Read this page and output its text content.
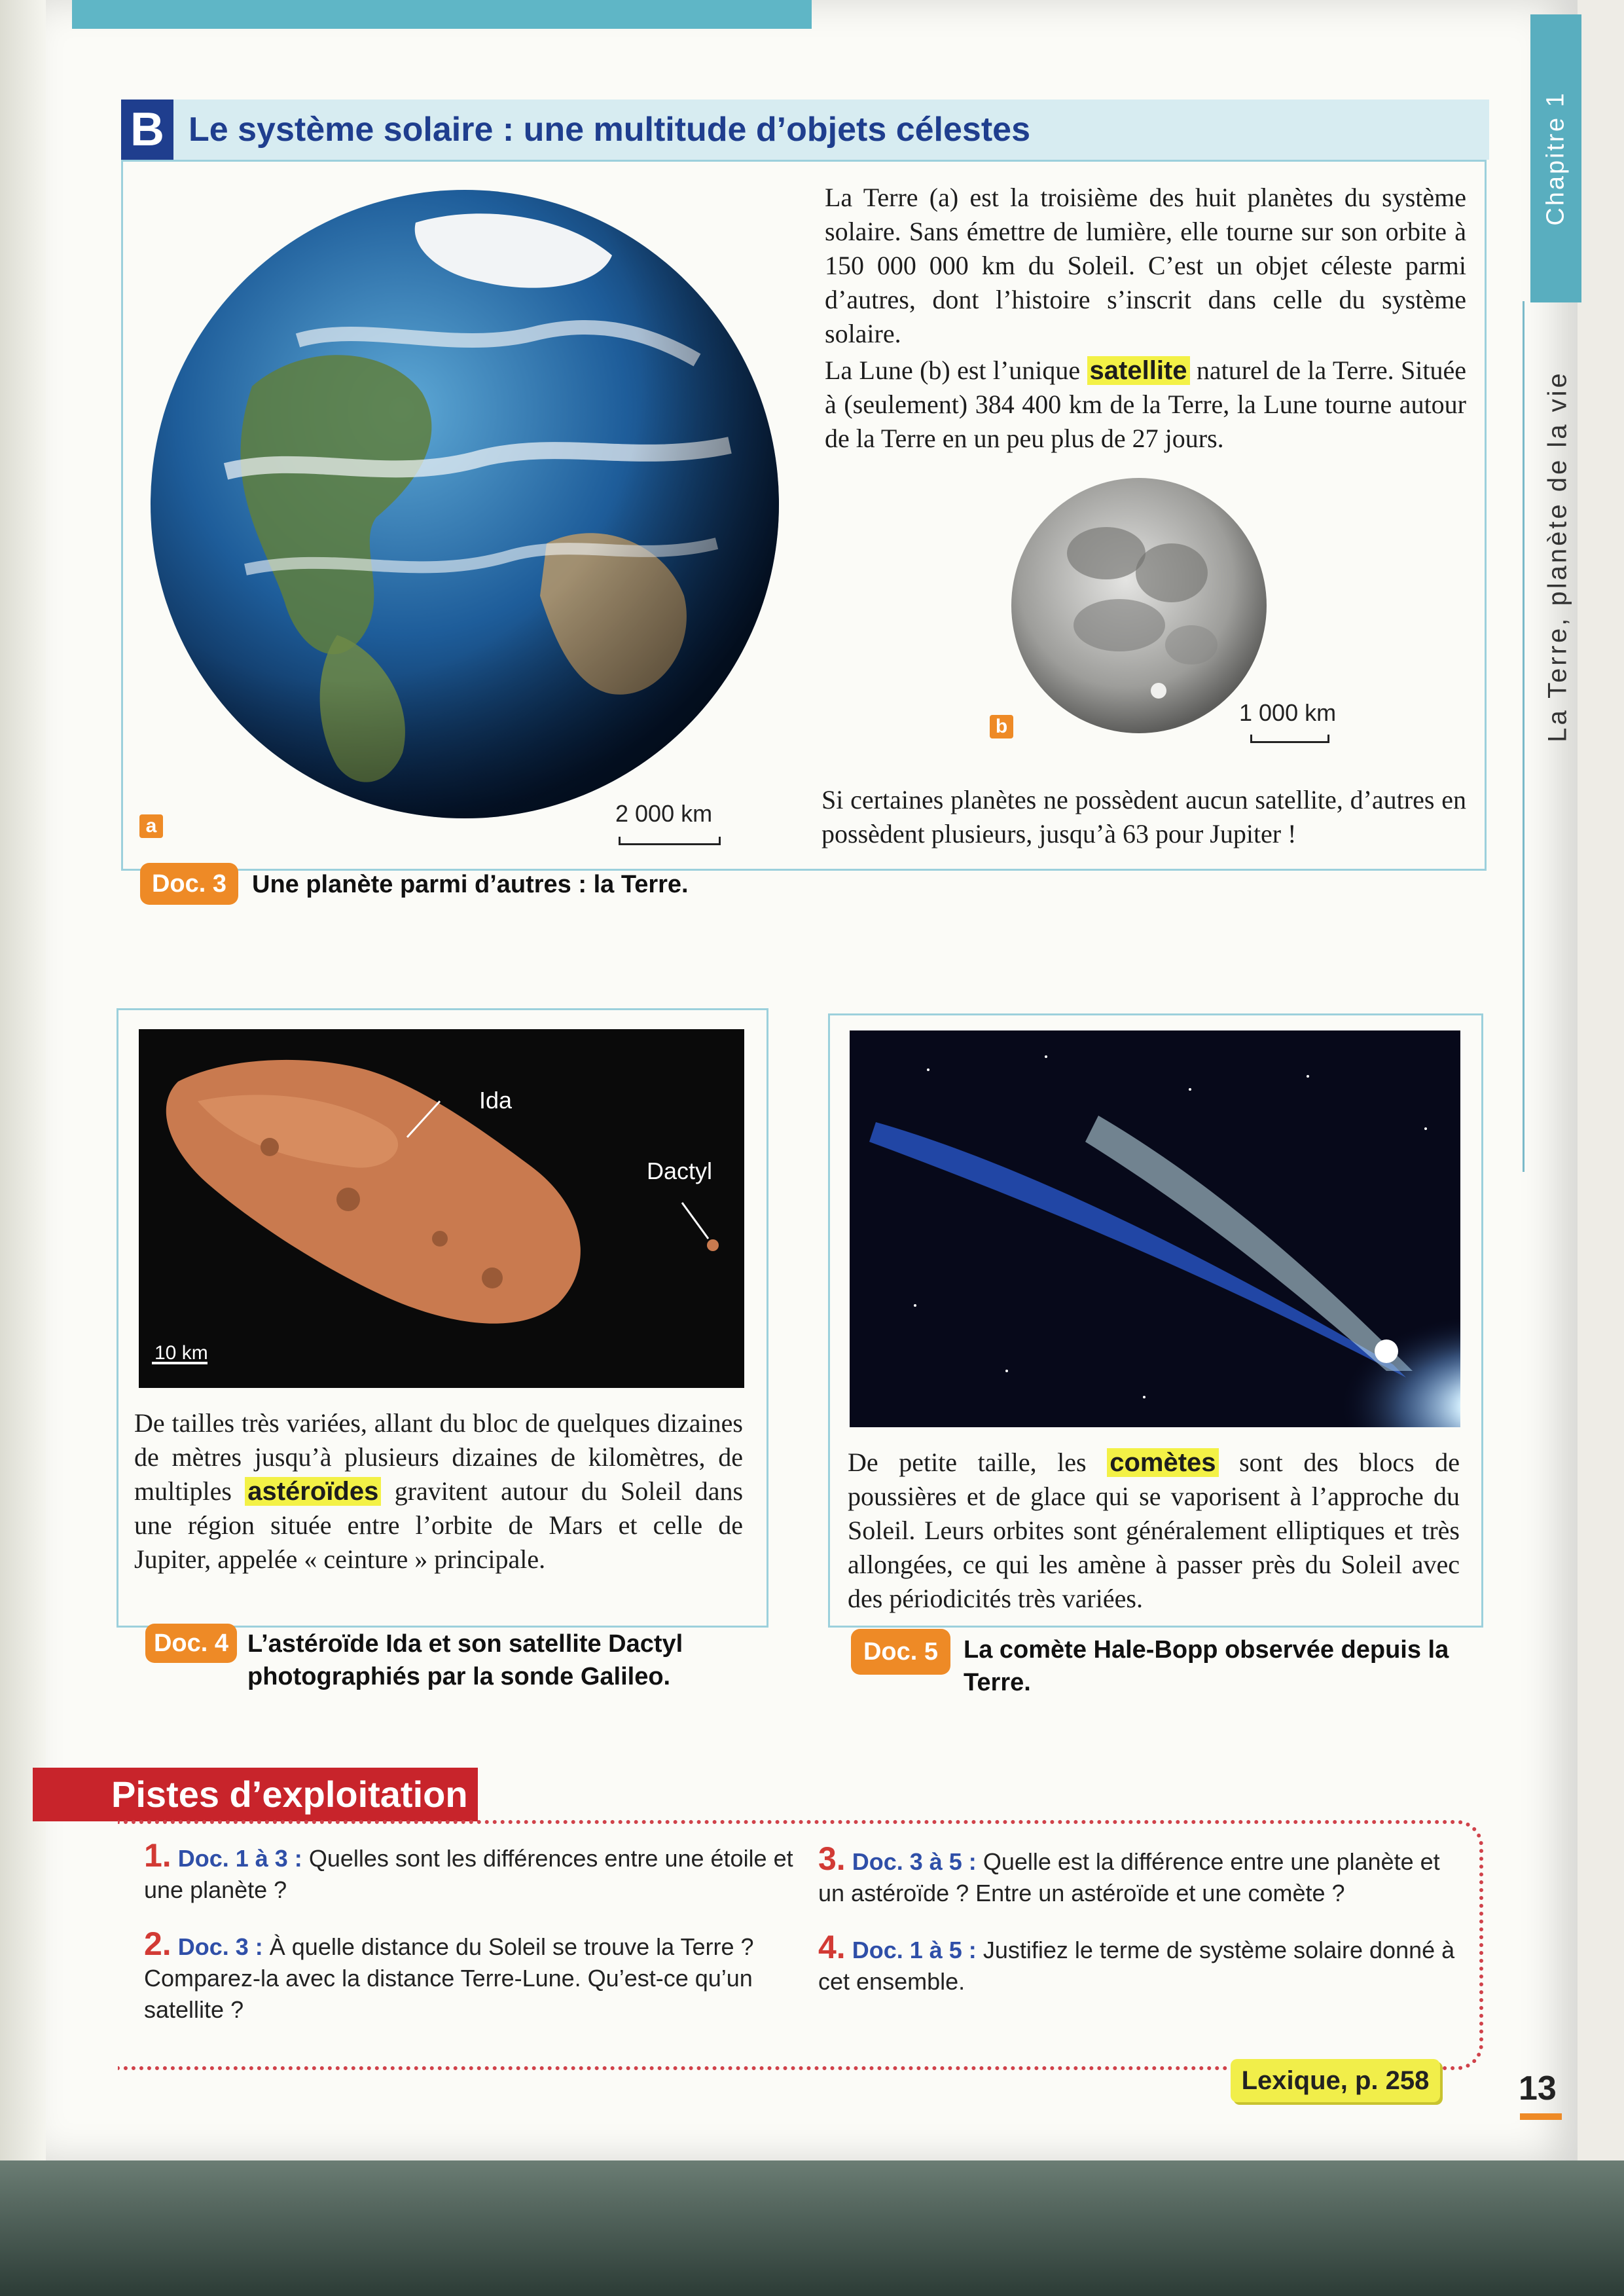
B Le système solaire : une multitude d’objets célestes	Chapitre 1
La Terre, planète de la vie
a	2 000 km
La Terre (a) est la troisième des huit planètes du système solaire. Sans émettre de lumière, elle tourne sur son orbite à 150 000 000 km du Soleil. C’est un objet céleste parmi d’autres, dont l’histoire s’inscrit dans celle du système solaire.
La Lune (b) est l’unique satellite naturel de la Terre. Située à (seulement) 384 400 km de la Terre, la Lune tourne autour de la Terre en un peu plus de 27 jours.
b
1 000 km
Si certaines planètes ne possèdent aucun satellite, d’autres en possèdent plusieurs, jusqu’à 63 pour Jupiter !
Doc. 3	Une planète parmi d’autres : la Terre.
Ida
Dactyl
10 km
De tailles très variées, allant du bloc de quelques dizaines de mètres jusqu’à plusieurs dizaines de kilomètres, de multiples astéroïdes gravitent autour du Soleil dans une région située entre l’orbite de Mars et celle de Jupiter, appelée « ceinture » principale.
Doc. 4 L’astéroïde Ida et son satellite Dactyl photographiés par la sonde Galileo.
De petite taille, les comètes sont des blocs de poussières et de glace qui se vaporisent à l’approche du Soleil. Leurs orbites sont généralement elliptiques et très allongées, ce qui les amène à passer près du Soleil avec des périodicités très variées.
Doc. 5	La comète Hale-Bopp observée depuis la Terre.
Pistes d’exploitation
1. Doc. 1 à 3 : Quelles sont les différences entre une étoile et une planète ?
2. Doc. 3 : À quelle distance du Soleil se trouve la Terre ? Comparez-la avec la distance Terre-Lune. Qu’est-ce qu’un satellite ?
3. Doc. 3 à 5 : Quelle est la différence entre une planète et un astéroïde ? Entre un astéroïde et une comète ?
4. Doc. 1 à 5 : Justifiez le terme de système solaire donné à cet ensemble.
Lexique, p. 258	13
